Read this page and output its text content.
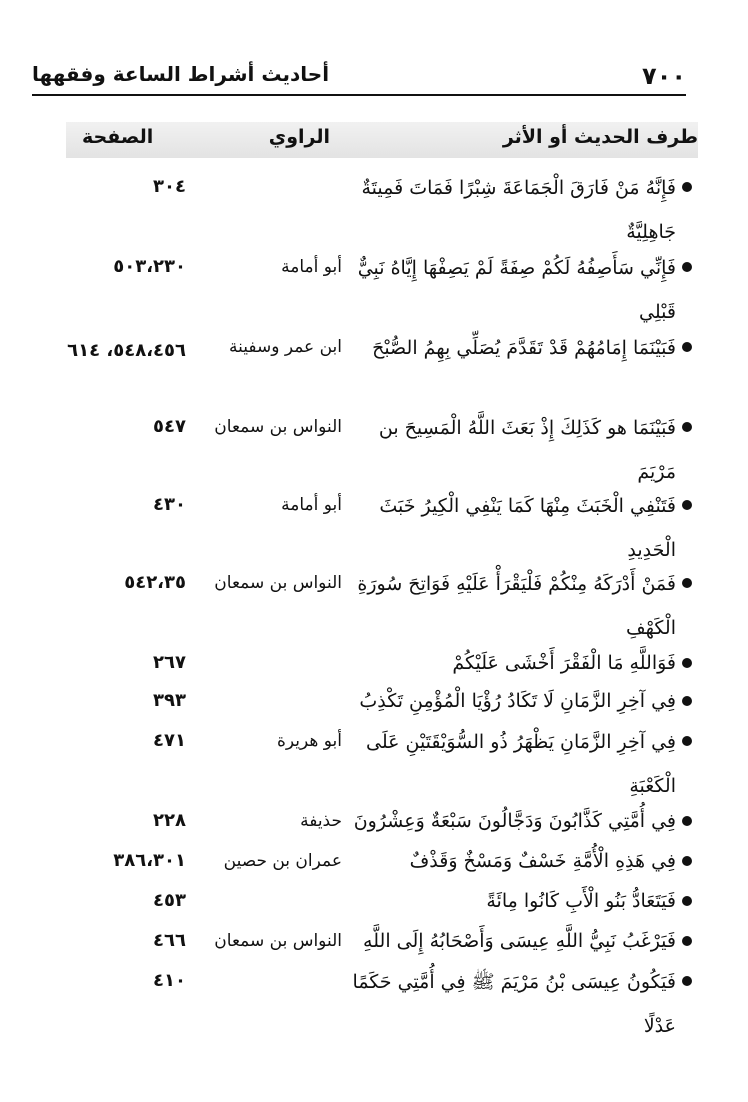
٧٠٠
أحاديث أشراط الساعة وفقهها
طرف الحديث أو الأثر
الراوي
الصفحة
فَإِنَّهُ مَنْ فَارَقَ الْجَمَاعَةَ شِبْرًا فَمَاتَ فَمِيتَةٌ جَاهِلِيَّةٌ
٣٠٤
فَإِنِّي سَأَصِفُهُ لَكُمْ صِفَةً لَمْ يَصِفْهَا إِيَّاهُ نَبِيٌّ قَبْلِي
أبو أمامة
٥٠٣،٢٣٠
فَبَيْنَمَا إِمَامُهُمْ قَدْ تَقَدَّمَ يُصَلِّي بِهِمُ الصُّبْحَ
ابن عمر وسفينة
٥٤٨،٤٥٦، ٦١٤
فَبَيْنَمَا هو كَذَلِكَ إِذْ بَعَثَ اللَّهُ الْمَسِيحَ بن مَرْيَمَ
النواس بن سمعان
٥٤٧
فَتَنْفِي الْخَبَثَ مِنْهَا كَمَا يَنْفِي الْكِيرُ خَبَثَ الْحَدِيدِ
أبو أمامة
٤٣٠
فَمَنْ أَدْرَكَهُ مِنْكُمْ فَلْيَقْرَأْ عَلَيْهِ فَوَاتِحَ سُورَةِ الْكَهْفِ
النواس بن سمعان
٥٤٢،٣٥
فَوَاللَّهِ مَا الْفَقْرَ أَخْشَى عَلَيْكُمْ
٢٦٧
فِي آخِرِ الزَّمَانِ لَا تَكَادُ رُؤْيَا الْمُؤْمِنِ تَكْذِبُ
٣٩٣
فِي آخِرِ الزَّمَانِ يَظْهَرُ ذُو السُّوَيْقَتَيْنِ عَلَى الْكَعْبَةِ
أبو هريرة
٤٧١
فِي أُمَّتِي كَذَّابُونَ وَدَجَّالُونَ سَبْعَةٌ وَعِشْرُونَ
حذيفة
٢٢٨
فِي هَذِهِ الْأُمَّةِ خَسْفٌ وَمَسْخٌ وَقَذْفٌ
عمران بن حصين
٣٨٦،٣٠١
فَيَتَعَادُّ بَنُو الْأَبِ كَانُوا مِائَةً
٤٥٣
فَيَرْغَبُ نَبِيُّ اللَّهِ عِيسَى وَأَصْحَابُهُ إِلَى اللَّهِ
النواس بن سمعان
٤٦٦
فَيَكُونُ عِيسَى بْنُ مَرْيَمَ ﷺ فِي أُمَّتِي حَكَمًا عَدْلًا
٤١٠
